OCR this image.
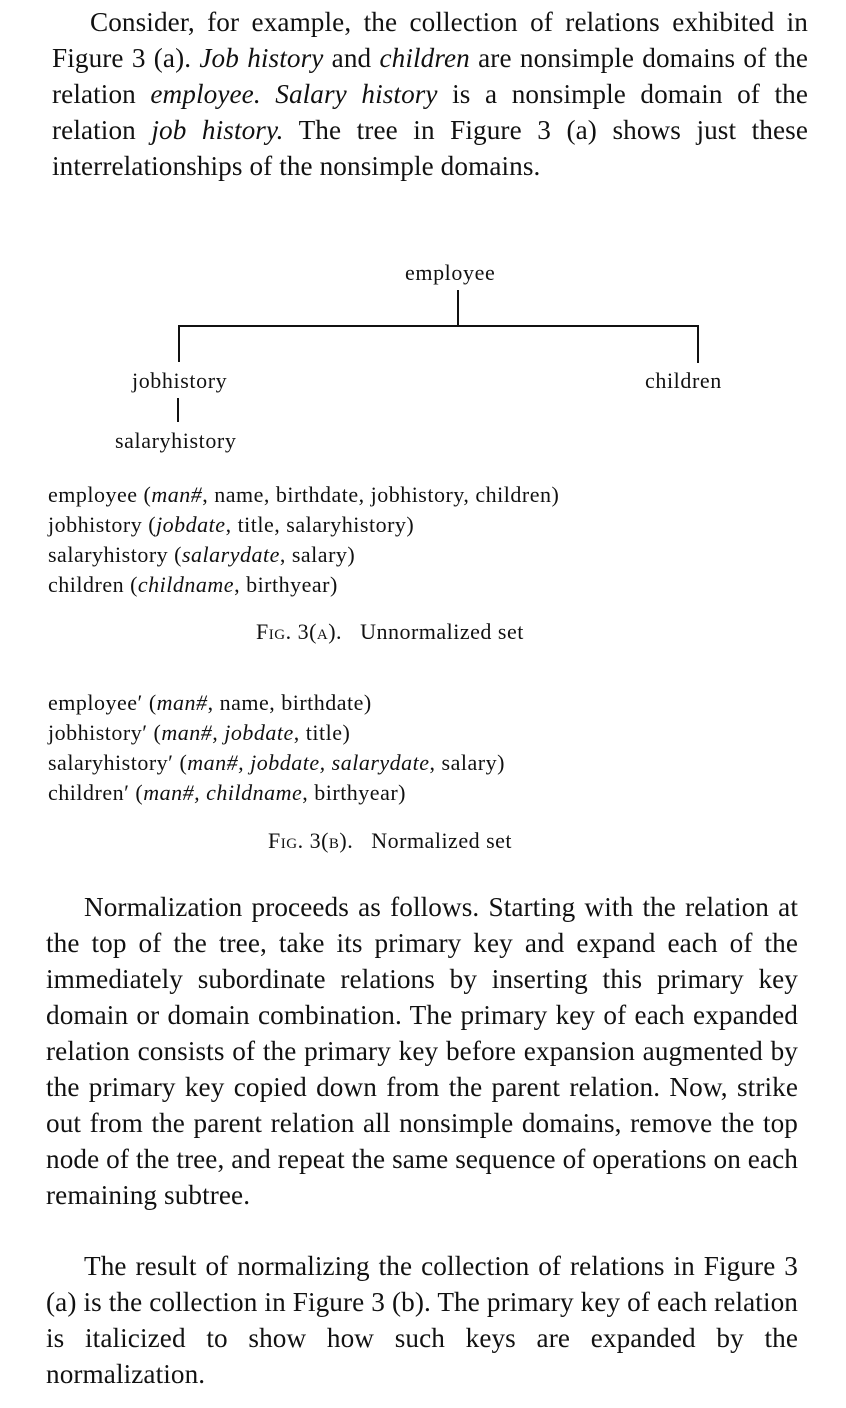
Consider, for example, the collection of relations exhibited in Figure 3 (a). Job history and children are nonsimple domains of the relation employee. Salary history is a nonsimple domain of the relation job history. The tree in Figure 3 (a) shows just these interrelationships of the nonsimple domains.

employee
jobhistory	children
salaryhistory
employee (man#, name, birthdate, jobhistory, children)
jobhistory (jobdate, title, salaryhistory)
salaryhistory (salarydate, salary)
children (childname, birthyear)
Fig. 3(a). Unnormalized set
employee′ (man#, name, birthdate)
jobhistory′ (man#, jobdate, title)
salaryhistory′ (man#, jobdate, salarydate, salary)
children′ (man#, childname, birthyear)
Fig. 3(b). Normalized set

Normalization proceeds as follows. Starting with the relation at the top of the tree, take its primary key and expand each of the immediately subordinate relations by inserting this primary key domain or domain combination. The primary key of each expanded relation consists of the primary key before expansion augmented by the primary key copied down from the parent relation. Now, strike out from the parent relation all nonsimple domains, remove the top node of the tree, and repeat the same sequence of operations on each remaining subtree.

The result of normalizing the collection of relations in Figure 3 (a) is the collection in Figure 3 (b). The primary key of each relation is italicized to show how such keys are expanded by the normalization.
